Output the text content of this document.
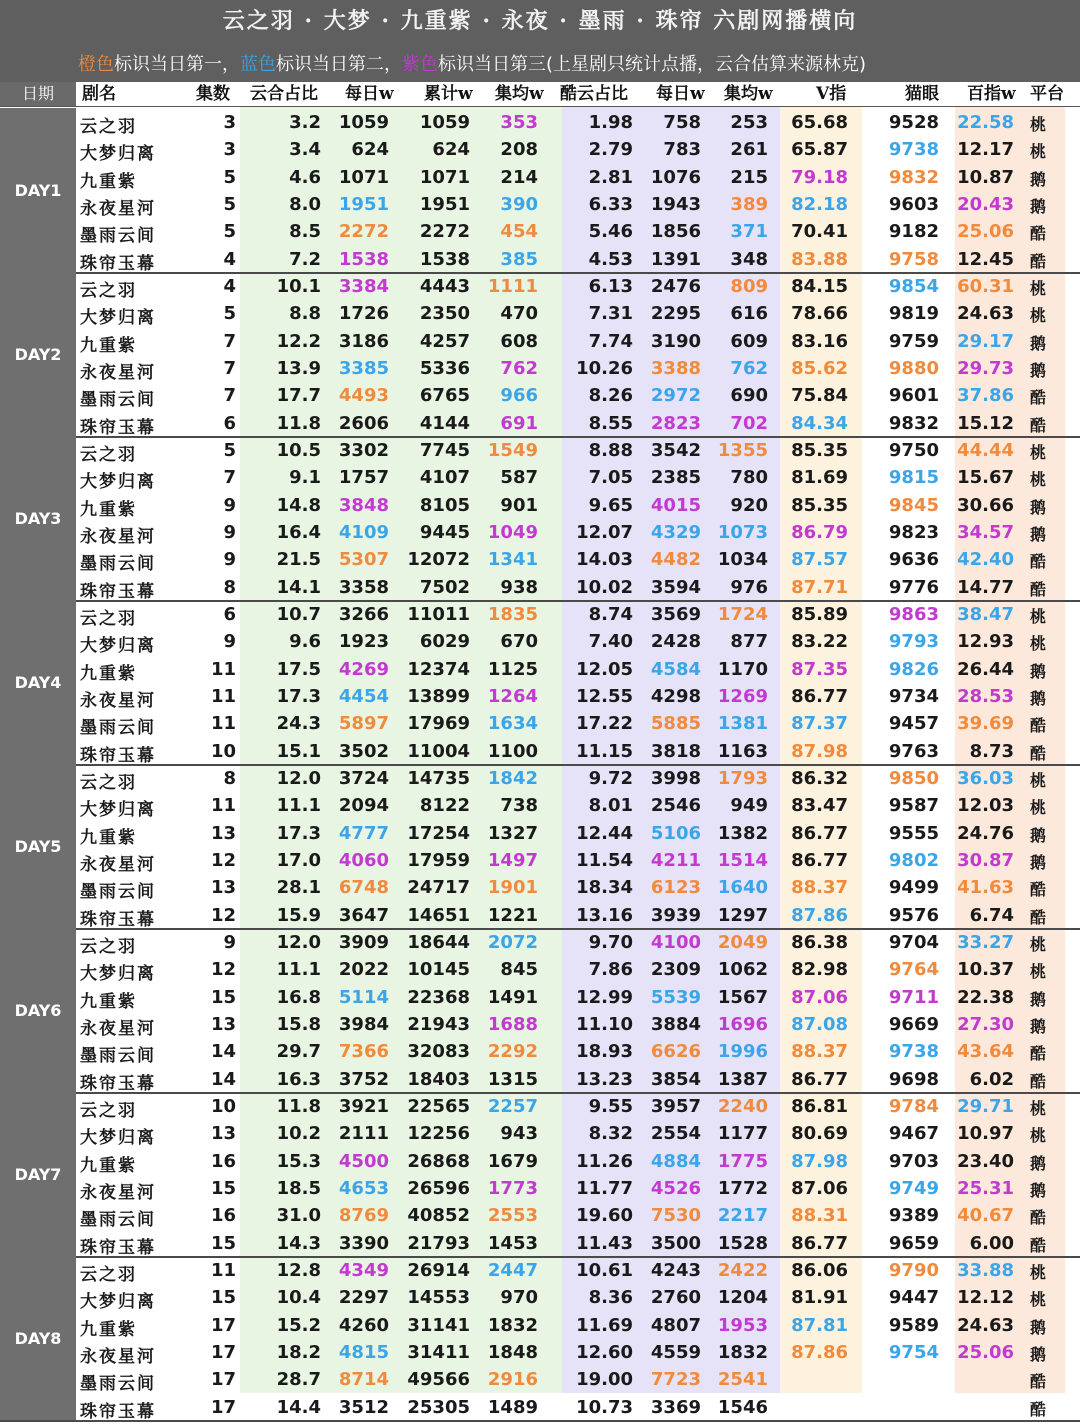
云之羽 · 大梦 · 九重紫 · 永夜 · 墨雨 · 珠帘 六剧网播横向
橙色标识当日第一，蓝色标识当日第二，紫色标识当日第三(上星剧只统计点播，云合估算来源林克)
日期	剧名	集数 云合占比 每日w 累计w 集均w 酷云占比 每日w 集均w	V指	猫眼 百指w 平台
DAY1
云之羽	3	3.2 1059 1059 353	1.98 758 253 65.68 9528 22.58 桃
大梦归离	3	3.4 624 624 208	2.79 783 261 65.87 9738 12.17 桃
九重紫	5	4.6 1071 1071 214	2.81 1076 215 79.18 9832 10.87 鹅
永夜星河	5	8.0 1951 1951 390	6.33 1943 389 82.18 9603 20.43 鹅
墨雨云间	5	8.5 2272 2272 454	5.46 1856 371 70.41 9182 25.06 酷
珠帘玉幕	4	7.2 1538 1538 385	4.53 1391 348 83.88 9758 12.45 酷
DAY2
云之羽	4 10.1 3384 4443 1111	6.13 2476 809 84.15 9854 60.31 桃
大梦归离	5	8.8 1726 2350 470	7.31 2295 616 78.66 9819 24.63 桃
九重紫	7 12.2 3186 4257 608	7.74 3190 609 83.16 9759 29.17 鹅
永夜星河	7 13.9 3385 5336 762 10.26 3388 762 85.62 9880 29.73 鹅
墨雨云间	7 17.7 4493 6765 966	8.26 2972 690 75.84 9601 37.86 酷
珠帘玉幕	6 11.8 2606 4144 691	8.55 2823 702 84.34 9832 15.12 酷
DAY3
云之羽	5 10.5 3302 7745 1549	8.88 3542 1355 85.35 9750 44.44 桃
大梦归离	7	9.1 1757 4107 587	7.05 2385 780 81.69 9815 15.67 桃
九重紫	9 14.8 3848 8105 901	9.65 4015 920 85.35 9845 30.66 鹅
永夜星河	9 16.4 4109 9445 1049 12.07 4329 1073 86.79 9823 34.57 鹅
墨雨云间	9 21.5 5307 12072 1341 14.03 4482 1034 87.57 9636 42.40 酷
珠帘玉幕	8 14.1 3358 7502 938 10.02 3594 976 87.71 9776 14.77 酷
DAY4
云之羽	6 10.7 3266 11011 1835	8.74 3569 1724 85.89 9863 38.47 桃
大梦归离	9	9.6 1923 6029 670	7.40 2428 877 83.22 9793 12.93 桃
九重紫	11 17.5 4269 12374 1125 12.05 4584 1170 87.35 9826 26.44 鹅
永夜星河	11 17.3 4454 13899 1264 12.55 4298 1269 86.77 9734 28.53 鹅
墨雨云间	11 24.3 5897 17969 1634 17.22 5885 1381 87.37 9457 39.69 酷
珠帘玉幕	10 15.1 3502 11004 1100 11.15 3818 1163 87.98 9763 8.73 酷
DAY5
云之羽	8 12.0 3724 14735 1842	9.72 3998 1793 86.32 9850 36.03 桃
大梦归离	11 11.1 2094 8122 738	8.01 2546 949 83.47 9587 12.03 桃
九重紫	13 17.3 4777 17254 1327 12.44 5106 1382 86.77 9555 24.76 鹅
永夜星河	12 17.0 4060 17959 1497 11.54 4211 1514 86.77 9802 30.87 鹅
墨雨云间	13 28.1 6748 24717 1901 18.34 6123 1640 88.37 9499 41.63 酷
珠帘玉幕	12 15.9 3647 14651 1221 13.16 3939 1297 87.86 9576 6.74 酷
DAY6
云之羽	9 12.0 3909 18644 2072	9.70 4100 2049 86.38 9704 33.27 桃
大梦归离	12 11.1 2022 10145 845	7.86 2309 1062 82.98 9764 10.37 桃
九重紫	15 16.8 5114 22368 1491 12.99 5539 1567 87.06 9711 22.38 鹅
永夜星河	13 15.8 3984 21943 1688 11.10 3884 1696 87.08 9669 27.30 鹅
墨雨云间	14 29.7 7366 32083 2292 18.93 6626 1996 88.37 9738 43.64 酷
珠帘玉幕	14 16.3 3752 18403 1315 13.23 3854 1387 86.77 9698 6.02 酷
DAY7
云之羽	10 11.8 3921 22565 2257	9.55 3957 2240 86.81 9784 29.71 桃
大梦归离	13 10.2 2111 12256 943	8.32 2554 1177 80.69 9467 10.97 桃
九重紫	16 15.3 4500 26868 1679 11.26 4884 1775 87.98 9703 23.40 鹅
永夜星河	15 18.5 4653 26596 1773 11.77 4526 1772 87.06 9749 25.31 鹅
墨雨云间	16 31.0 8769 40852 2553 19.60 7530 2217 88.31 9389 40.67 酷
珠帘玉幕	15 14.3 3390 21793 1453 11.43 3500 1528 86.77 9659 6.00 酷
DAY8
云之羽	11 12.8 4349 26914 2447 10.61 4243 2422 86.06 9790 33.88 桃
大梦归离	15 10.4 2297 14553 970	8.36 2760 1204 81.91 9447 12.12 桃
九重紫	17 15.2 4260 31141 1832 11.69 4807 1953 87.81 9589 24.63 鹅
永夜星河	17 18.2 4815 31411 1848 12.60 4559 1832 87.86 9754 25.06 鹅
墨雨云间	17 28.7 8714 49566 2916 19.00 7723 2541	酷
珠帘玉幕	17 14.4 3512 25305 1489 10.73 3369 1546	酷
